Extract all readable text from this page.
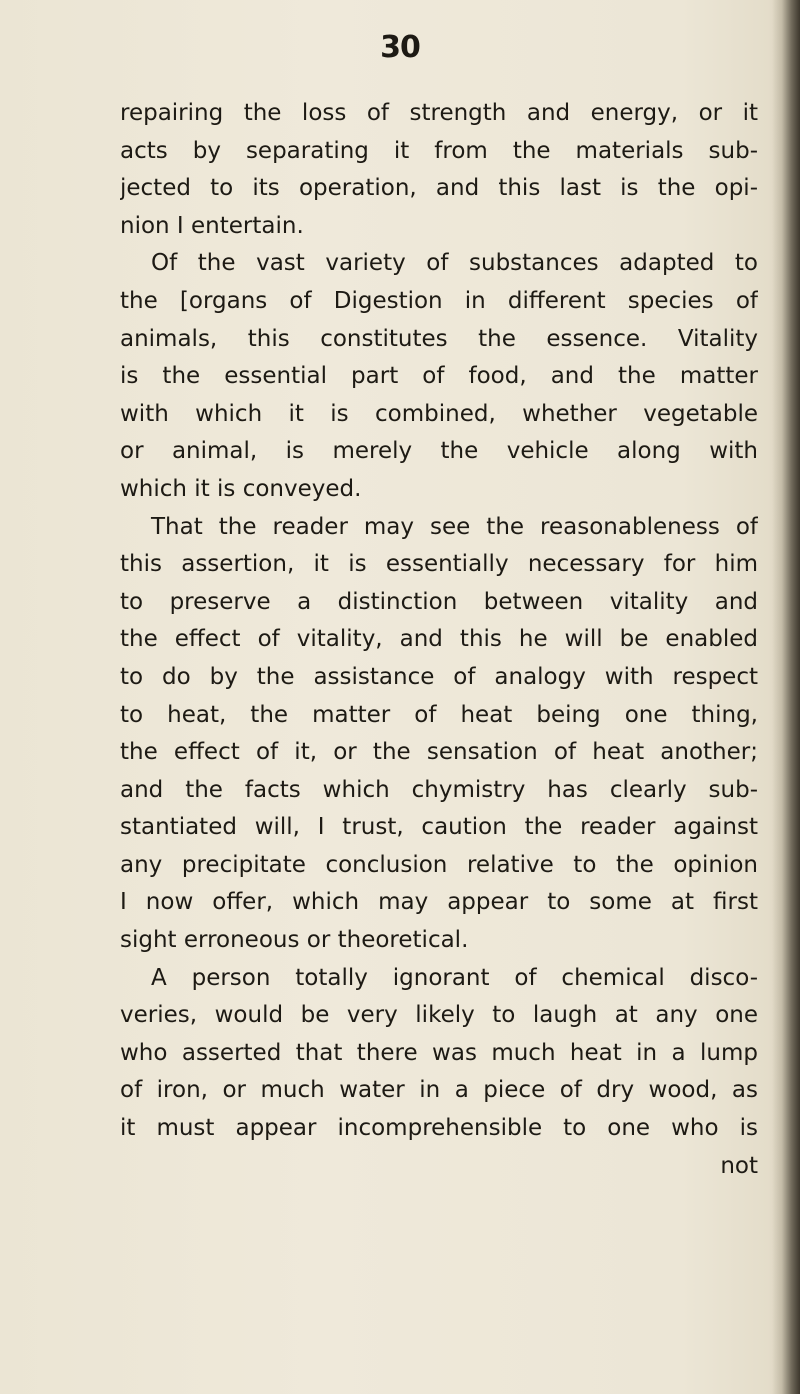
30
repairing the loss of strength and energy, or it
acts by separating it from the materials sub-
jected to its operation, and this last is the opi-
nion I entertain.
Of the vast variety of substances adapted to
the [organs of Digestion in different species of
animals, this constitutes the essence. Vitality
is the essential part of food, and the matter
with which it is combined, whether vegetable
or animal, is merely the vehicle along with
which it is conveyed.
That the reader may see the reasonableness of
this assertion, it is essentially necessary for him
to preserve a distinction between vitality and
the effect of vitality, and this he will be enabled
to do by the assistance of analogy with respect
to heat, the matter of heat being one thing,
the effect of it, or the sensation of heat another;
and the facts which chymistry has clearly sub-
stantiated will, I trust, caution the reader against
any precipitate conclusion relative to the opinion
I now offer, which may appear to some at first
sight erroneous or theoretical.
A person totally ignorant of chemical disco-
veries, would be very likely to laugh at any one
who asserted that there was much heat in a lump
of iron, or much water in a piece of dry wood, as
it must appear incomprehensible to one who is
not
